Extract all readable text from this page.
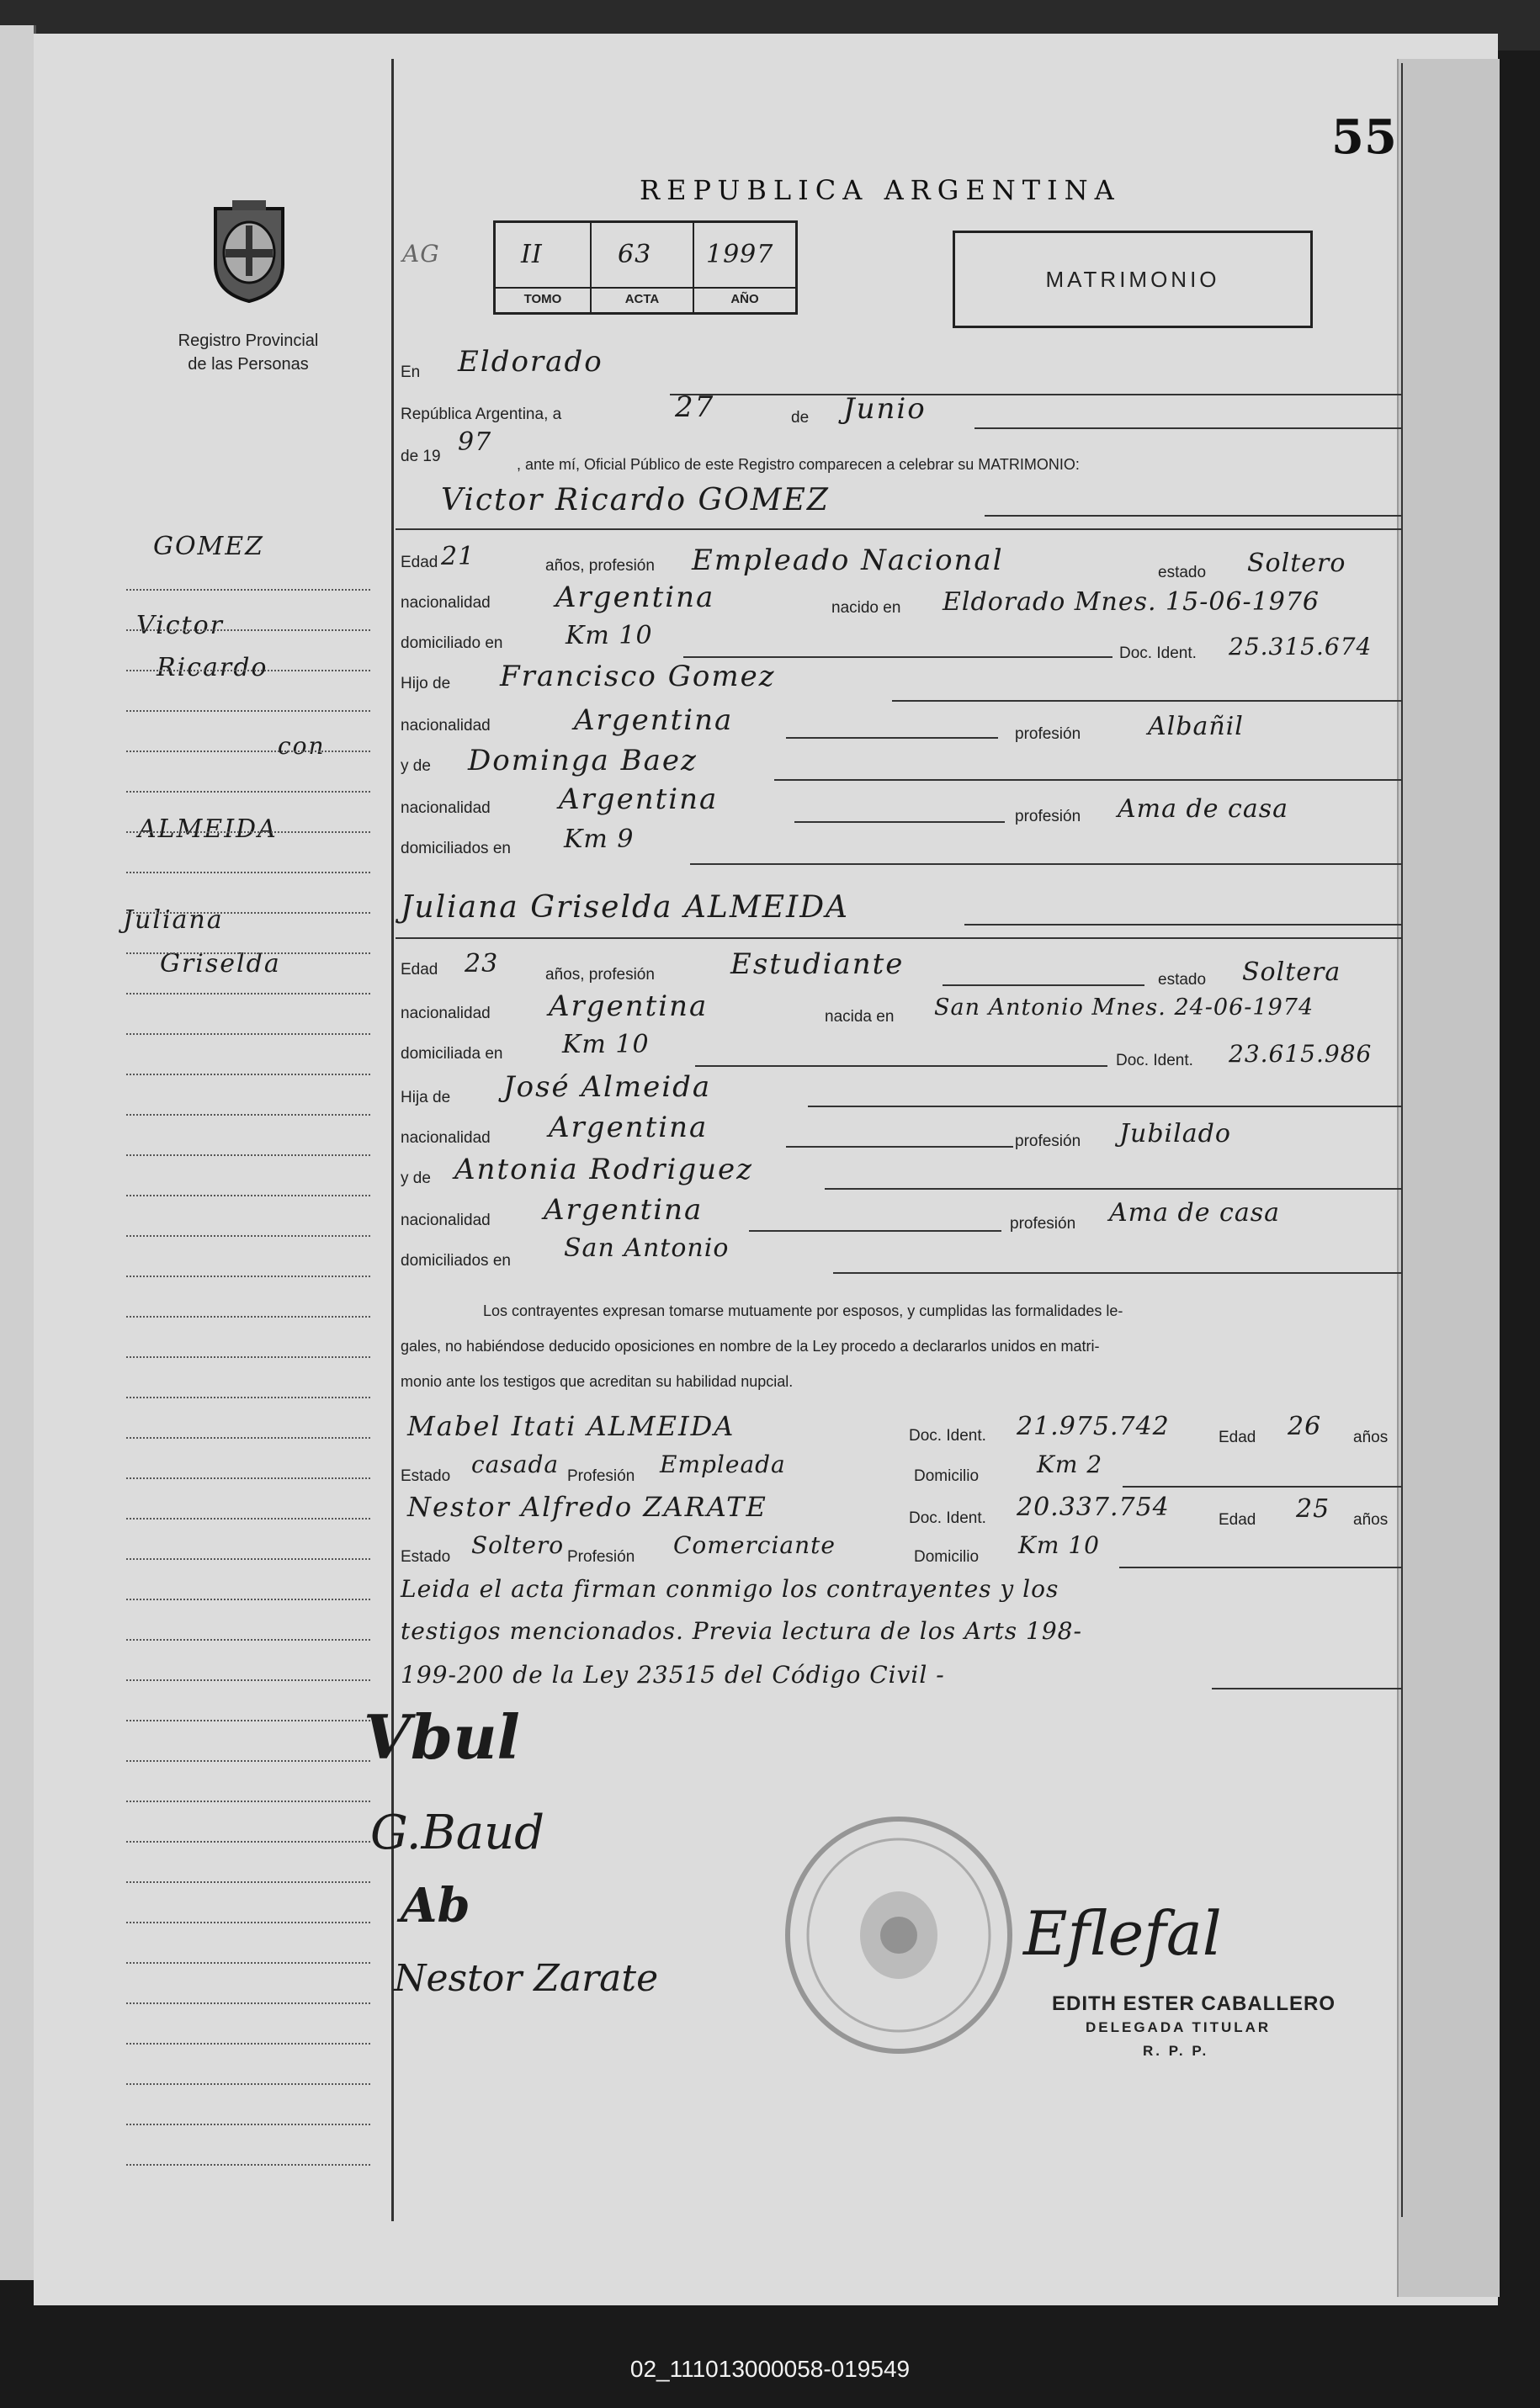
55
REPUBLICA ARGENTINA
Registro Provincial
de las Personas
AG	II	63 1997
TOMO	ACTA	AÑO
MATRIMONIO
GOMEZ
Victor
Ricardo
con
ALMEIDA
Juliana
Griselda
En Eldorado
República Argentina, a	27	de Junio
de 19 97
, ante mí, Oficial Público de este Registro comparecen a celebrar su MATRIMONIO:
Victor Ricardo GOMEZ
Edad 21	años, profesión Empleado Nacional	estado Soltero
nacionalidad Argentina	nacido en Eldorado Mnes. 15-06-1976
domiciliado en Km 10
Doc. Ident. 25.315.674
Hijo de Francisco Gomez
nacionalidad	Argentina	profesión	Albañil
y de Dominga Baez
nacionalidad Argentina
profesión Ama de casa
domiciliados en Km 9
Juliana Griselda ALMEIDA
Edad 23	años, profesión	Estudiante	estado Soltera
nacionalidad Argentina	nacida en San Antonio Mnes. 24-06-1974
domiciliada en Km 10
Doc. Ident. 23.615.986
Hija de José Almeida
nacionalidad Argentina	profesión Jubilado
y de Antonia Rodriguez
nacionalidad Argentina	profesión Ama de casa
domiciliados en San Antonio
Los contrayentes expresan tomarse mutuamente por esposos, y cumplidas las formalidades le-
gales, no habiéndose deducido oposiciones en nombre de la Ley procedo a declararlos unidos en matri-
monio ante los testigos que acreditan su habilidad nupcial.
Mabel Itati ALMEIDA	Doc. Ident. 21.975.742	Edad 26 años
Estado casada Profesión Empleada	Domicilio Km 2
Nestor Alfredo ZARATE	Doc. Ident. 20.337.754	Edad 25 años
Estado Soltero Profesión Comerciante	Domicilio Km 10
Leida el acta firman conmigo los contrayentes y los
testigos mencionados. Previa lectura de los Arts 198-
199-200 de la Ley 23515 del Código Civil -
Vbul
G.Baud
Ab
Nestor Zarate
Eflefal
EDITH ESTER CABALLERO
DELEGADA TITULAR
R. P. P.
02_111013000058-019549
